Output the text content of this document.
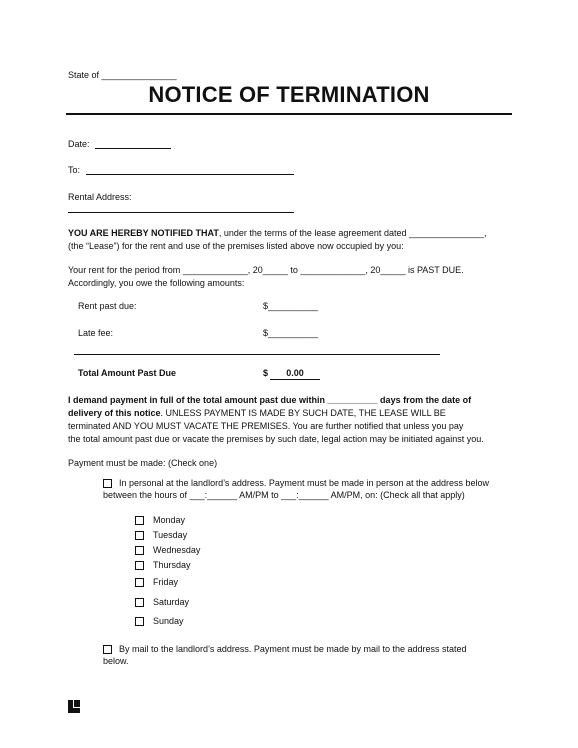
State of _______________
NOTICE OF TERMINATION
Date:
To:
Rental Address:
YOU ARE HEREBY NOTIFIED THAT, under the terms of the lease agreement dated _______________,
(the “Lease”) for the rent and use of the premises listed above now occupied by you:
Your rent for the period from _____________, 20_____ to _____________, 20_____ is PAST DUE.
Accordingly, you owe the following amounts:
Rent past due:	$__________
Late fee:	$__________
Total Amount Past Due	$	0.00
I demand payment in full of the total amount past due within __________ days from the date of
delivery of this notice. UNLESS PAYMENT IS MADE BY SUCH DATE, THE LEASE WILL BE
terminated AND YOU MUST VACATE THE PREMISES. You are further notified that unless you pay
the total amount past due or vacate the premises by such date, legal action may be initiated against you.
Payment must be made: (Check one)
In personal at the landlord’s address. Payment must be made in person at the address below
between the hours of ___:______ AM/PM to ___:______ AM/PM, on: (Check all that apply)
Monday
Tuesday
Wednesday
Thursday
Friday
Saturday
Sunday
By mail to the landlord’s address. Payment must be made by mail to the address stated
below.
